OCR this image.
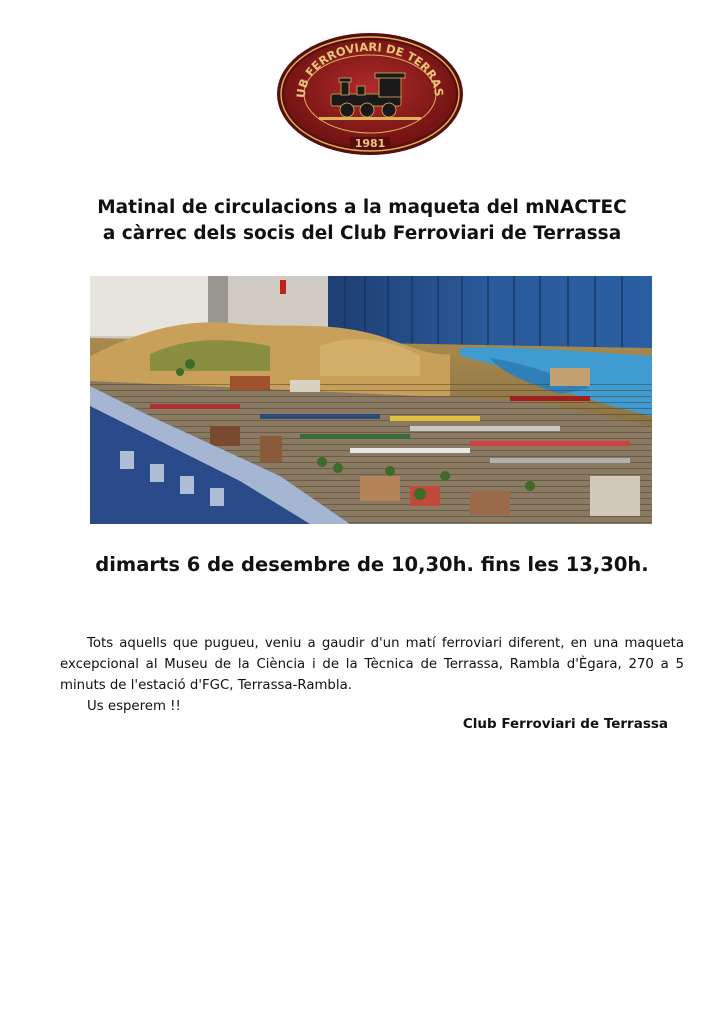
UB FERROVIARI DE TERRAS
1981
Matinal de circulacions a la maqueta del mNACTEC
a càrrec dels socis del Club Ferroviari de Terrassa
dimarts 6 de desembre de 10,30h. fins les 13,30h.

Tots aquells que pugueu, veniu a gaudir d'un matí ferroviari diferent, en una maqueta excepcional al Museu de la Ciència i de la Tècnica de Terrassa, Rambla d'Ègara, 270 a 5 minuts de l'estació d'FGC, Terrassa-Rambla.

Us esperem !!

Club Ferroviari de Terrassa
